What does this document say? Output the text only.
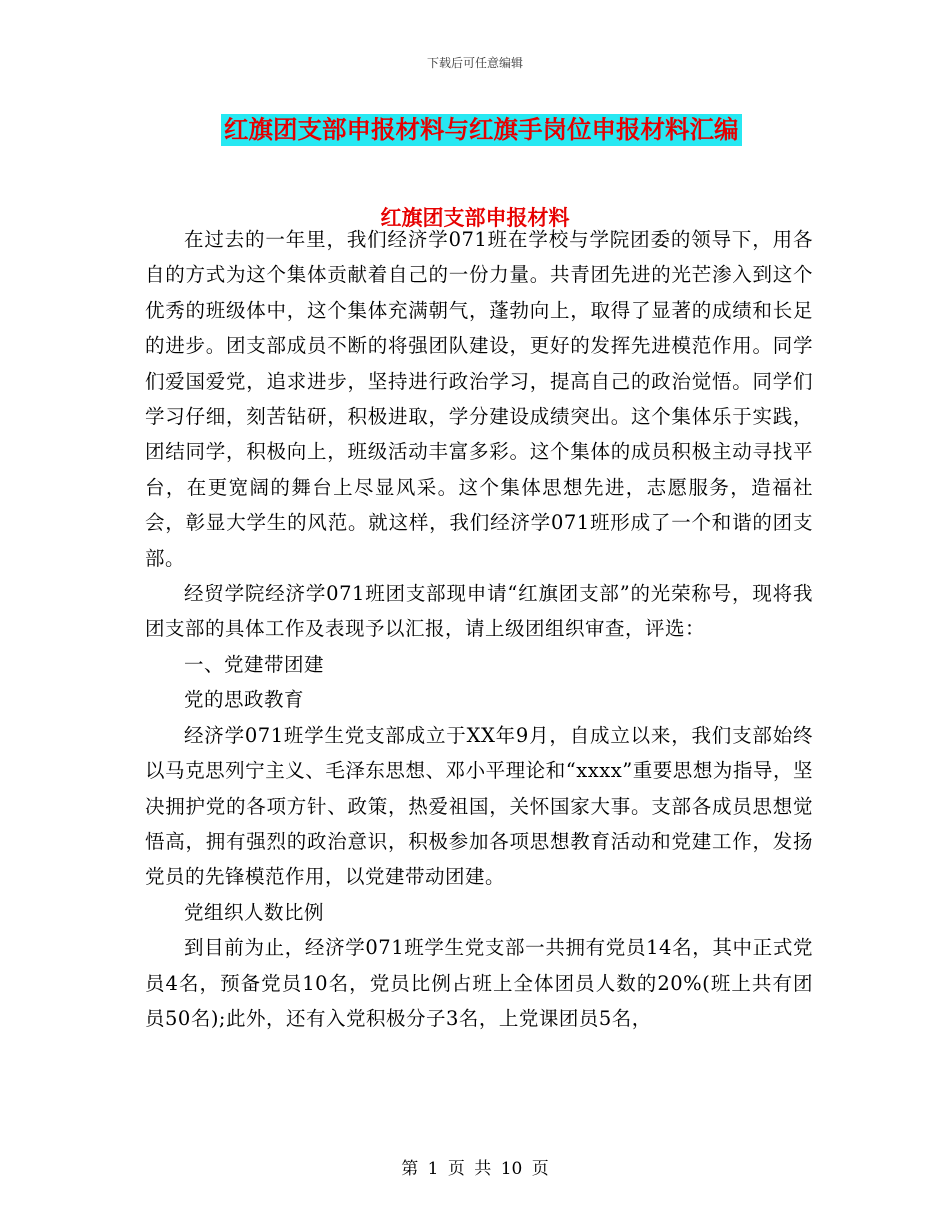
下载后可任意编辑
红旗团支部申报材料与红旗手岗位申报材料汇编
红旗团支部申报材料

在过去的一年里，我们经济学071班在学校与学院团委的领导下，用各自的方式为这个集体贡献着自己的一份力量。共青团先进的光芒渗入到这个优秀的班级体中，这个集体充满朝气，蓬勃向上，取得了显著的成绩和长足的进步。团支部成员不断的将强团队建设，更好的发挥先进模范作用。同学们爱国爱党，追求进步，坚持进行政治学习，提高自己的政治觉悟。同学们学习仔细，刻苦钻研，积极进取，学分建设成绩突出。这个集体乐于实践，团结同学，积极向上，班级活动丰富多彩。这个集体的成员积极主动寻找平台，在更宽阔的舞台上尽显风采。这个集体思想先进，志愿服务，造福社会，彰显大学生的风范。就这样，我们经济学071班形成了一个和谐的团支部。

经贸学院经济学071班团支部现申请“红旗团支部”的光荣称号，现将我团支部的具体工作及表现予以汇报，请上级团组织审查，评选：

一、党建带团建

党的思政教育

经济学071班学生党支部成立于XX年9月，自成立以来，我们支部始终以马克思列宁主义、毛泽东思想、邓小平理论和“xxxx”重要思想为指导，坚决拥护党的各项方针、政策，热爱祖国，关怀国家大事。支部各成员思想觉悟高，拥有强烈的政治意识，积极参加各项思想教育活动和党建工作，发扬党员的先锋模范作用，以党建带动团建。

党组织人数比例

到目前为止，经济学071班学生党支部一共拥有党员14名，其中正式党员4名，预备党员10名，党员比例占班上全体团员人数的20%(班上共有团员50名);此外，还有入党积极分子3名，上党课团员5名，

第 1 页 共 10 页
